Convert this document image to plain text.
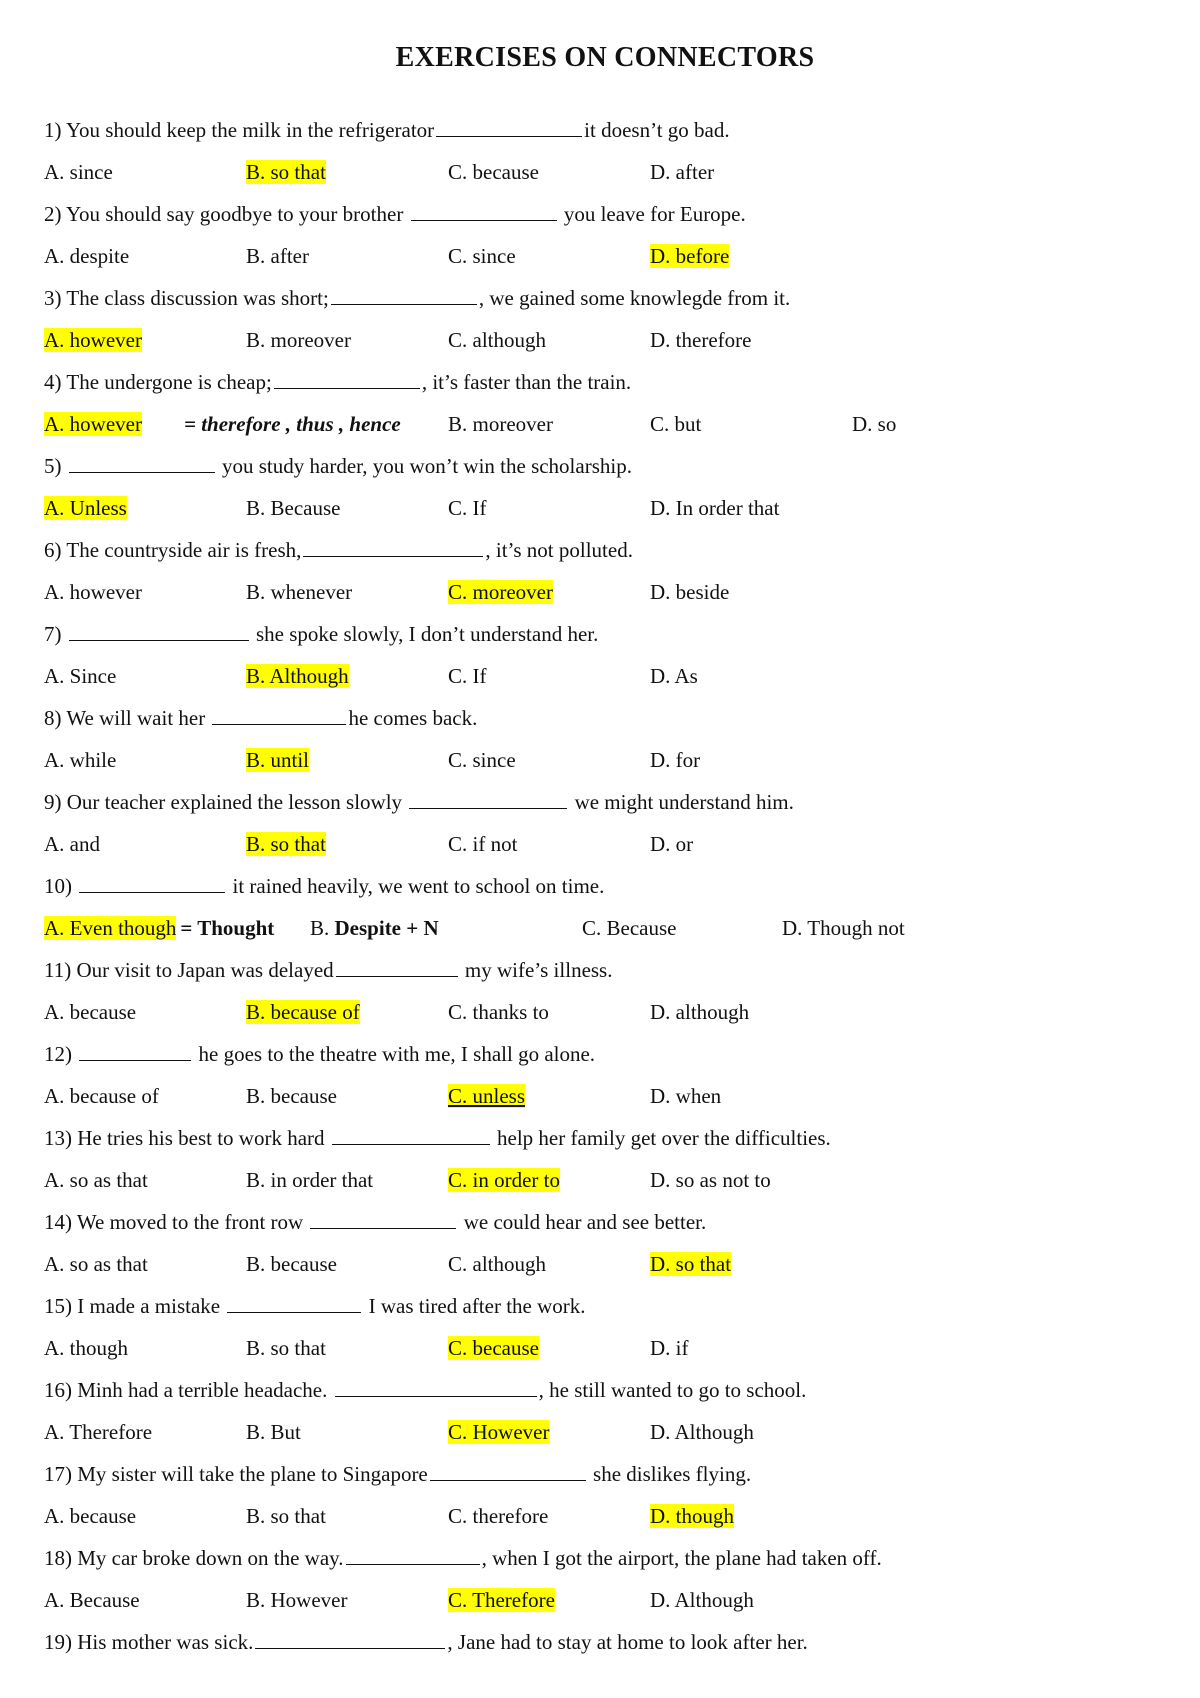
EXERCISES ON CONNECTORS
1) You should keep the milk in the refrigerator	it doesn’t go bad.
A. since	B. so that	C. because	D. after
2) You should say goodbye to your brother	you leave for Europe.
A. despite	B. after	C. since	D. before
3) The class discussion was short;	, we gained some knowlegde from it.
A. however	B. moreover	C. although	D. therefore
4) The undergone is cheap;	, it’s faster than the train.
A. however	B. moreover	C. but	D. so
= therefore , thus , hence
5)	you study harder, you won’t win the scholarship.
A. Unless	B. Because	C. If	D. In order that
6) The countryside air is fresh,	, it’s not polluted.
A. however	B. whenever	C. moreover	D. beside
7)	she spoke slowly, I don’t understand her.
A. Since	B. Although	C. If	D. As
8) We will wait her	he comes back.
A. while	B. until	C. since	D. for
9) Our teacher explained the lesson slowly	we might understand him.
A. and	B. so that	C. if not	D. or
10)	it rained heavily, we went to school on time.
A. Even though = Thought B. Despite + N	C. Because	D. Though not
11) Our visit to Japan was delayed	my wife’s illness.
A. because	B. because of	C. thanks to	D. although
12)	he goes to the theatre with me, I shall go alone.
A. because of	B. because	C. unless	D. when
13) He tries his best to work hard	help her family get over the difficulties.
A. so as that	B. in order that	C. in order to	D. so as not to
14) We moved to the front row	we could hear and see better.
A. so as that	B. because	C. although	D. so that
15) I made a mistake	I was tired after the work.
A. though	B. so that	C. because	D. if
16) Minh had a terrible headache.	, he still wanted to go to school.
A. Therefore	B. But	C. However	D. Although
17) My sister will take the plane to Singapore	she dislikes flying.
A. because	B. so that	C. therefore	D. though
18) My car broke down on the way.	, when I got the airport, the plane had taken off.
A. Because	B. However	C. Therefore	D. Although
19) His mother was sick.	, Jane had to stay at home to look after her.
